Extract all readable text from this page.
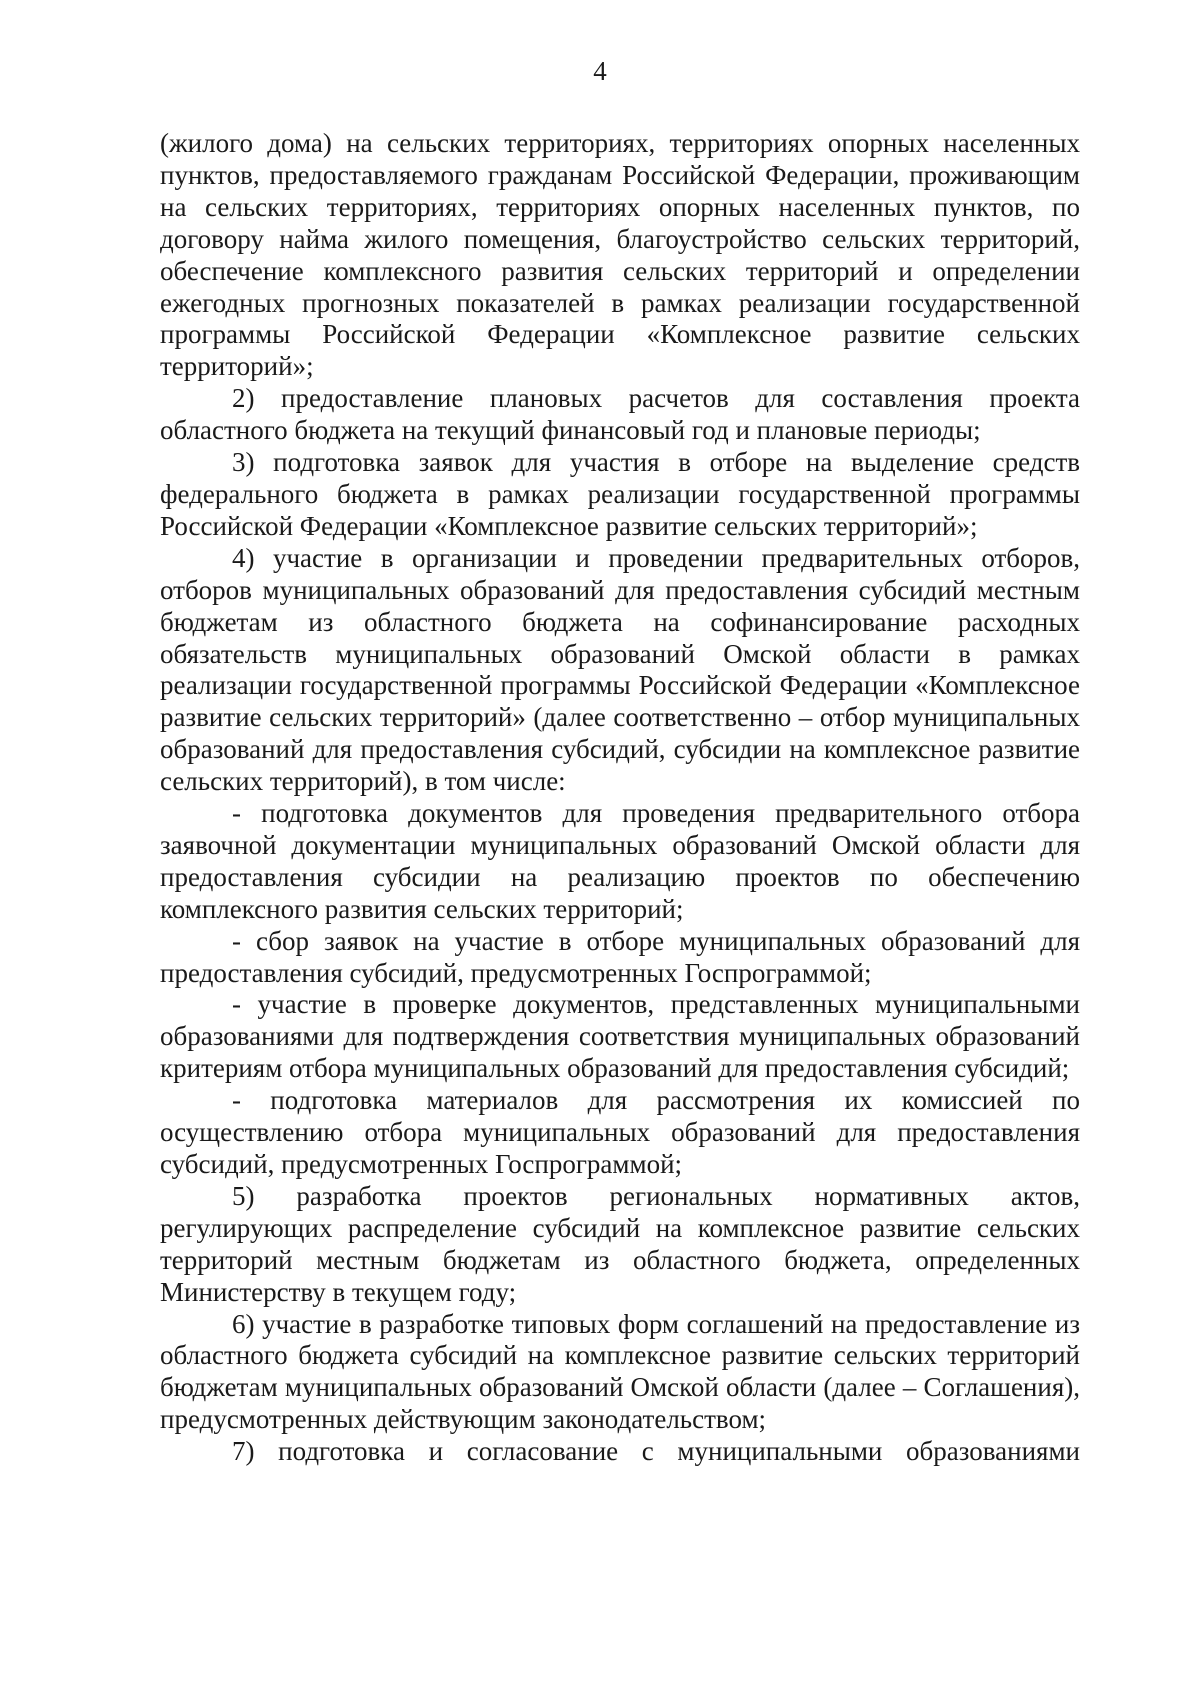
4

(жилого дома) на сельских территориях, территориях опорных населенных пунктов, предоставляемого гражданам Российской Федерации, проживающим на сельских территориях, территориях опорных населенных пунктов, по договору найма жилого помещения, благоустройство сельских территорий, обеспечение комплексного развития сельских территорий и определении ежегодных прогнозных показателей в рамках реализации государственной программы Российской Федерации «Комплексное развитие сельских территорий»;

2) предоставление плановых расчетов для составления проекта областного бюджета на текущий финансовый год и плановые периоды;

3) подготовка заявок для участия в отборе на выделение средств федерального бюджета в рамках реализации государственной программы Российской Федерации «Комплексное развитие сельских территорий»;

4) участие в организации и проведении предварительных отборов, отборов муниципальных образований для предоставления субсидий местным бюджетам из областного бюджета на софинансирование расходных обязательств муниципальных образований Омской области в рамках реализации государственной программы Российской Федерации «Комплексное развитие сельских территорий» (далее соответственно – отбор муниципальных образований для предоставления субсидий, субсидии на комплексное развитие сельских территорий), в том числе:

- подготовка документов для проведения предварительного отбора заявочной документации муниципальных образований Омской области для предоставления субсидии на реализацию проектов по обеспечению комплексного развития сельских территорий;

- сбор заявок на участие в отборе муниципальных образований для предоставления субсидий, предусмотренных Госпрограммой;

- участие в проверке документов, представленных муниципальными образованиями для подтверждения соответствия муниципальных образований критериям отбора муниципальных образований для предоставления субсидий;

- подготовка материалов для рассмотрения их комиссией по осуществлению отбора муниципальных образований для предоставления субсидий, предусмотренных Госпрограммой;

5) разработка проектов региональных нормативных актов, регулирующих распределение субсидий на комплексное развитие сельских территорий местным бюджетам из областного бюджета, определенных Министерству в текущем году;

6) участие в разработке типовых форм соглашений на предоставление из областного бюджета субсидий на комплексное развитие сельских территорий бюджетам муниципальных образований Омской области (далее – Соглашения), предусмотренных действующим законодательством;

7) подготовка и согласование с муниципальными образованиями
